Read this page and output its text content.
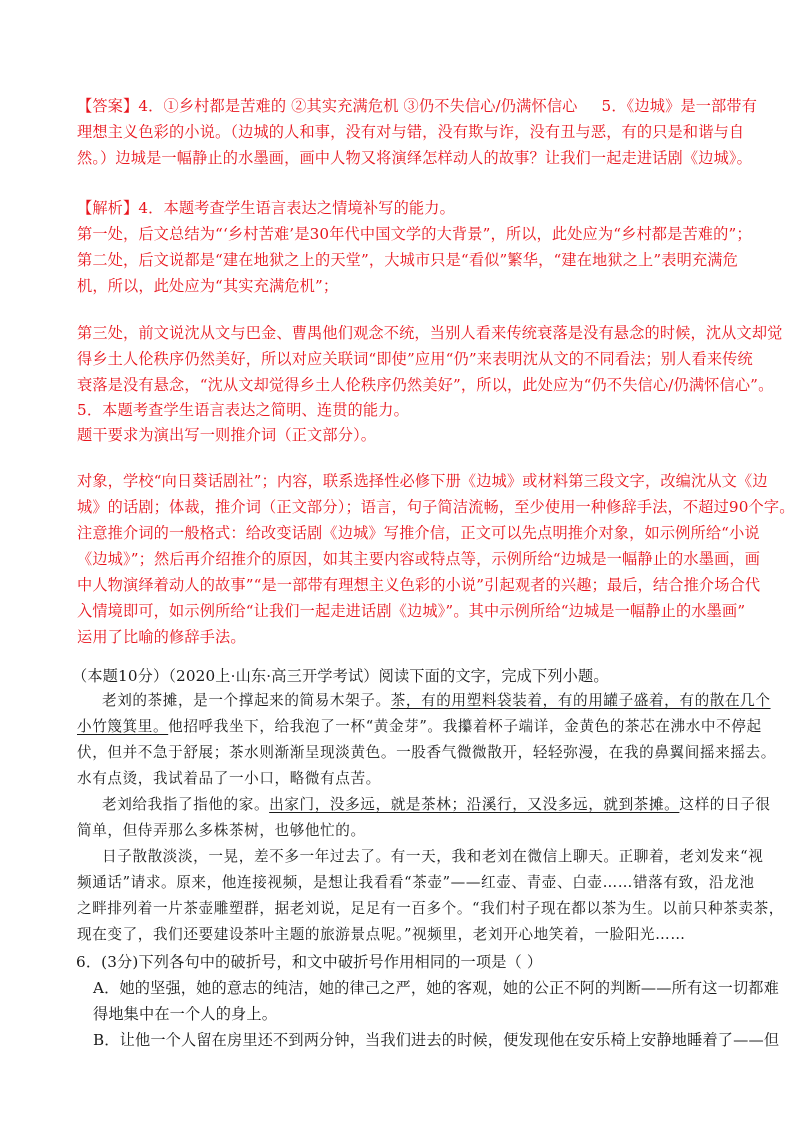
【答案】4．①乡村都是苦难的 ②其实充满危机 ③仍不失信心/仍满怀信心 5．《边城》是一部带有
理想主义色彩的小说。（边城的人和事，没有对与错，没有欺与诈，没有丑与恶，有的只是和谐与自
然。）边城是一幅静止的水墨画，画中人物又将演绎怎样动人的故事？让我们一起走进话剧《边城》。
【解析】4．本题考查学生语言表达之情境补写的能力。
第一处，后文总结为“‘乡村苦难’是30年代中国文学的大背景”，所以，此处应为“乡村都是苦难的”；
第二处，后文说都是“建在地狱之上的天堂”，大城市只是“看似”繁华，“建在地狱之上”表明充满危
机，所以，此处应为“其实充满危机”；
第三处，前文说沈从文与巴金、曹禺他们观念不统，当别人看来传统衰落是没有悬念的时候，沈从文却觉
得乡土人伦秩序仍然美好，所以对应关联词“即使”应用“仍”来表明沈从文的不同看法；别人看来传统
衰落是没有悬念，“沈从文却觉得乡土人伦秩序仍然美好”，所以，此处应为“仍不失信心/仍满怀信心”。
5．本题考查学生语言表达之简明、连贯的能力。
题干要求为演出写一则推介词（正文部分）。
对象，学校“向日葵话剧社”；内容，联系选择性必修下册《边城》或材料第三段文字，改编沈从文《边
城》的话剧；体裁，推介词（正文部分）；语言，句子简洁流畅，至少使用一种修辞手法，不超过90个字。
注意推介词的一般格式：给改变话剧《边城》写推介信，正文可以先点明推介对象，如示例所给“小说
《边城》”；然后再介绍推介的原因，如其主要内容或特点等，示例所给“边城是一幅静止的水墨画，画
中人物演绎着动人的故事”“是一部带有理想主义色彩的小说”引起观者的兴趣；最后，结合推介场合代
入情境即可，如示例所给“让我们一起走进话剧《边城》”。其中示例所给“边城是一幅静止的水墨画”
运用了比喻的修辞手法。
（本题10分）（2020上·山东·高三开学考试）阅读下面的文字，完成下列小题。
老刘的茶摊，是一个撑起来的简易木架子。茶，有的用塑料袋装着，有的用罐子盛着，有的散在几个
小竹篾箕里。他招呼我坐下，给我泡了一杯“黄金芽”。我攥着杯子端详，金黄色的茶芯在沸水中不停起
伏，但并不急于舒展；茶水则渐渐呈现淡黄色。一股香气微微散开，轻轻弥漫，在我的鼻翼间摇来摇去。
水有点烫，我试着品了一小口，略微有点苦。
老刘给我指了指他的家。出家门，没多远，就是茶林；沿溪行，又没多远，就到茶摊。这样的日子很
简单，但侍弄那么多株茶树，也够他忙的。
日子散散淡淡，一晃，差不多一年过去了。有一天，我和老刘在微信上聊天。正聊着，老刘发来“视
频通话”请求。原来，他连接视频，是想让我看看“茶壶”——红壶、青壶、白壶……错落有致，沿龙池
之畔排列着一片茶壶雕塑群，据老刘说，足足有一百多个。“我们村子现在都以茶为生。以前只种茶卖茶，
现在变了，我们还要建设茶叶主题的旅游景点呢。”视频里，老刘开心地笑着，一脸阳光……
6．(3分)下列各句中的破折号，和文中破折号作用相同的一项是（ ）
A．她的坚强，她的意志的纯洁，她的律己之严，她的客观，她的公正不阿的判断——所有这一切都难
得地集中在一个人的身上。
B．让他一个人留在房里还不到两分钟，当我们进去的时候，便发现他在安乐椅上安静地睡着了——但
